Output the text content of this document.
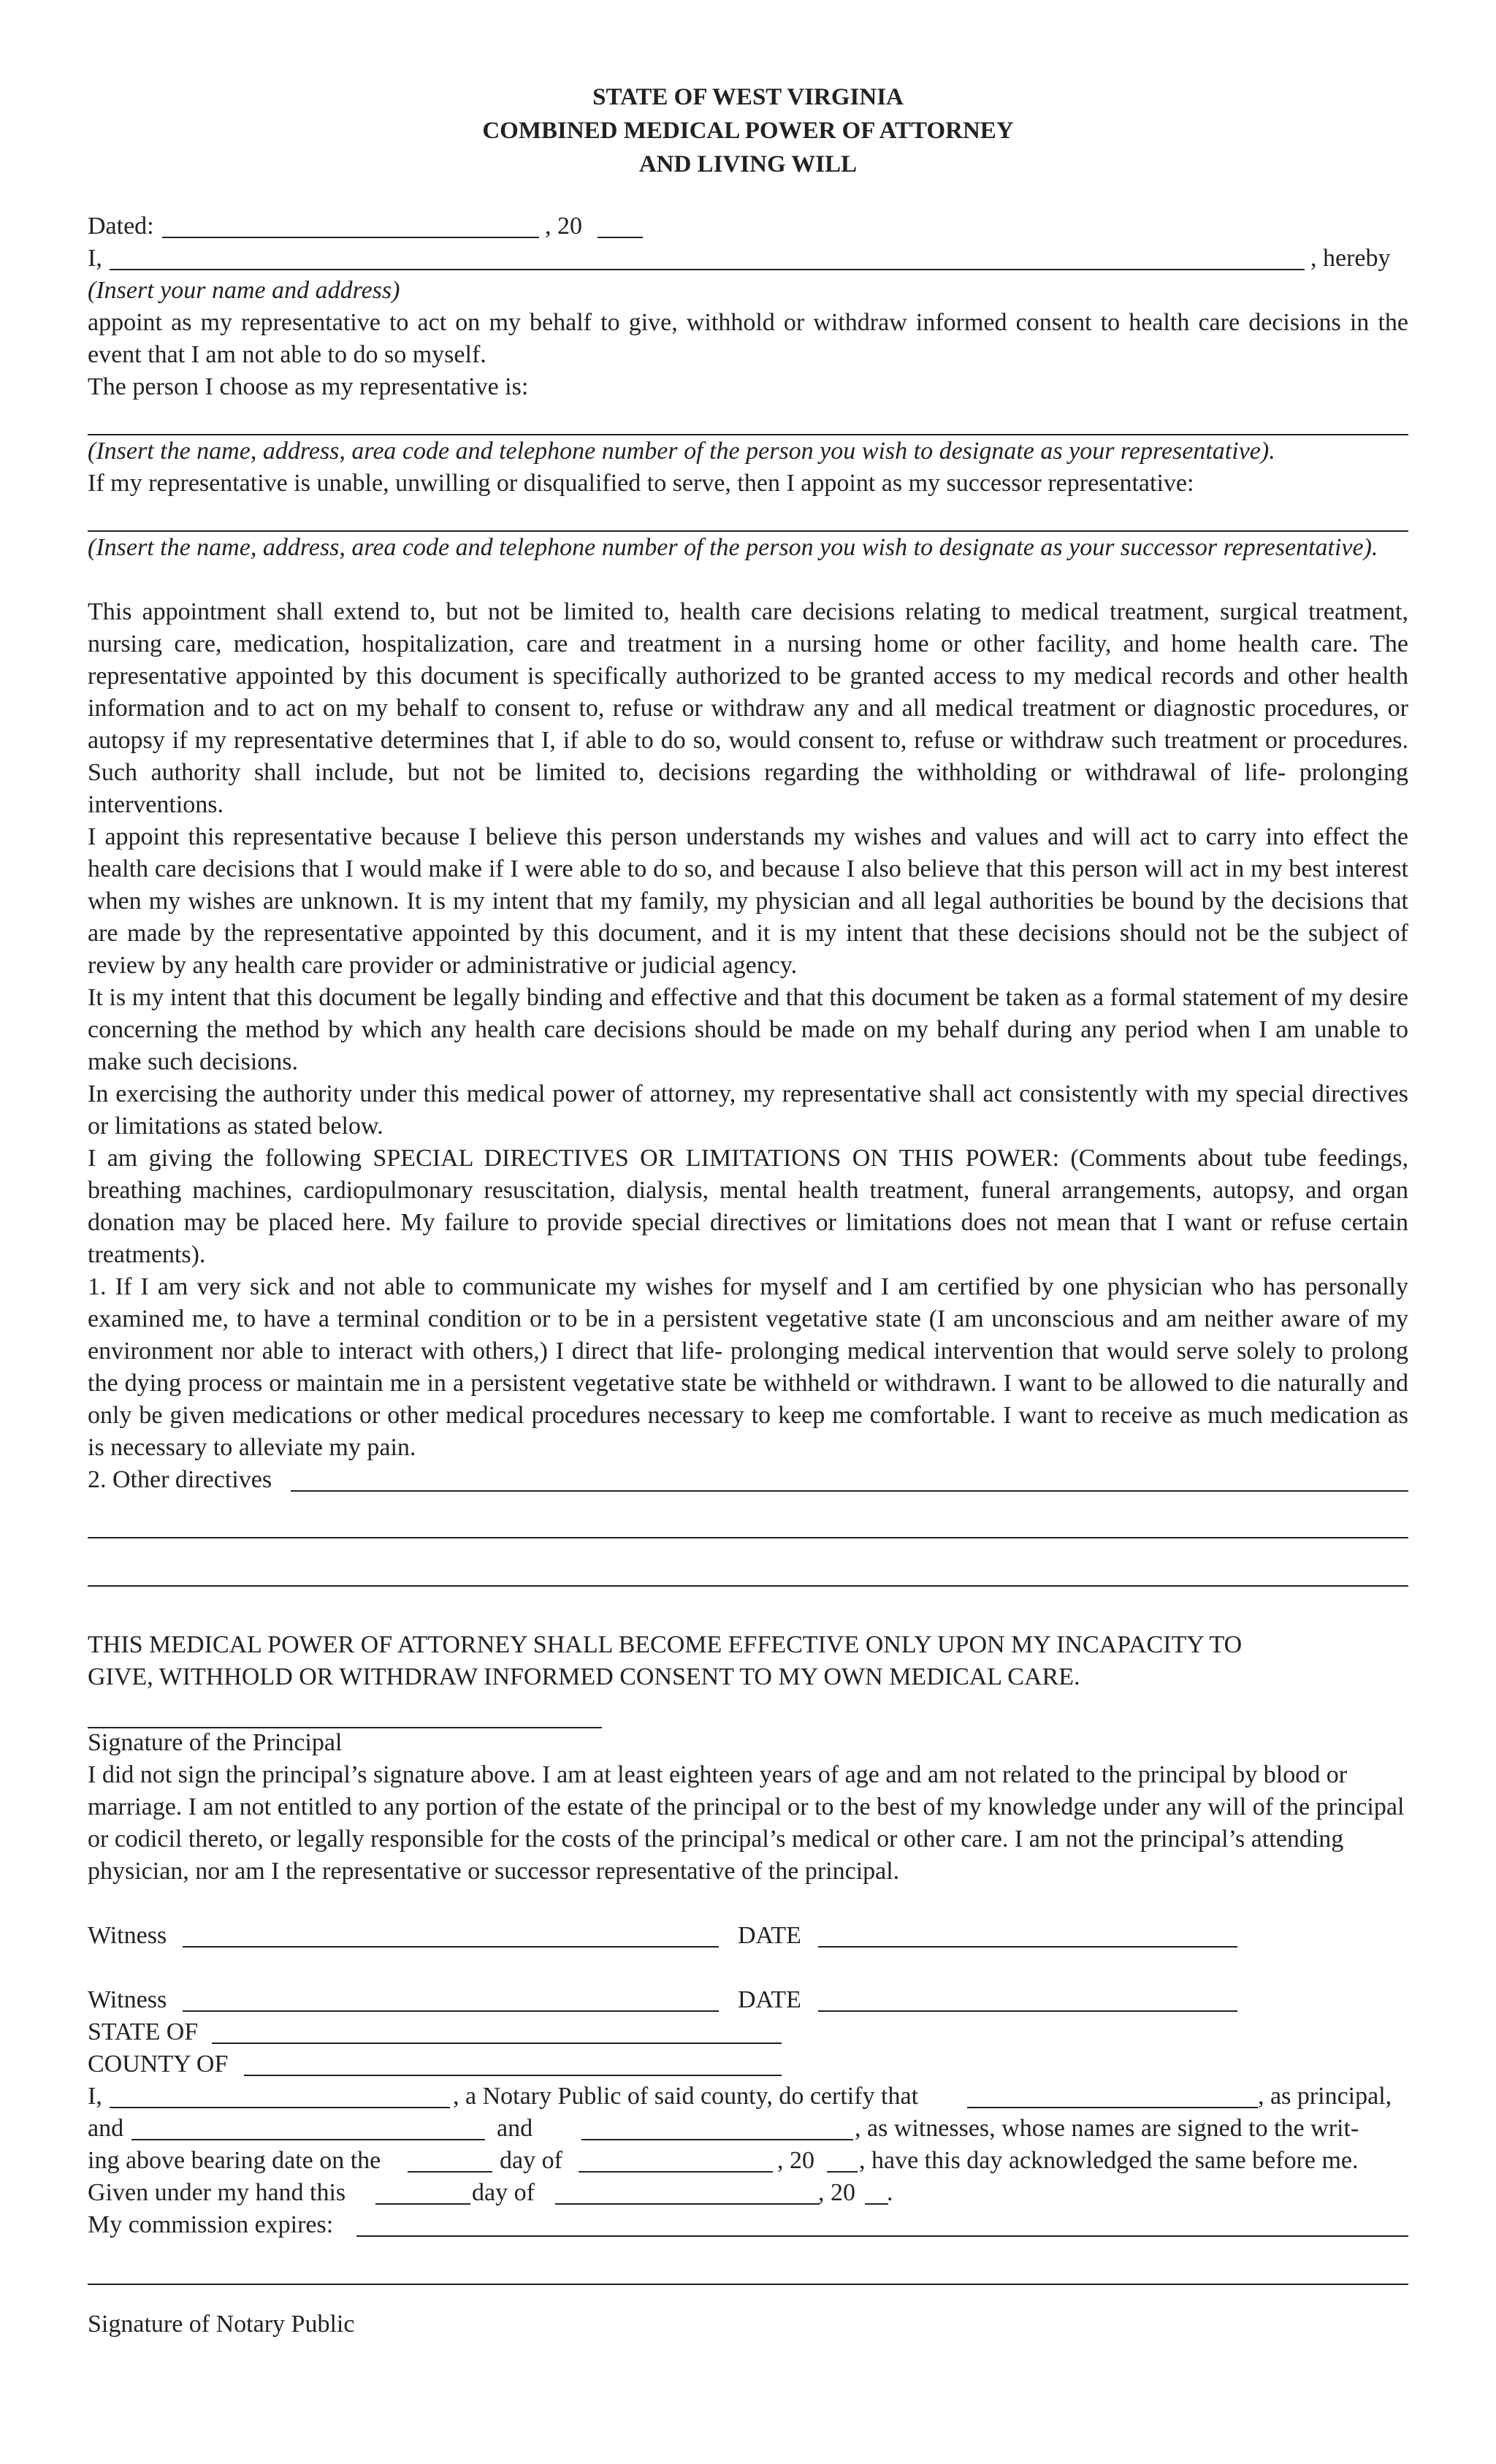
STATE OF WEST VIRGINIA
COMBINED MEDICAL POWER OF ATTORNEY
AND LIVING WILL
Dated:	, 20
I,	, hereby
(Insert your name and address)
appoint as my representative to act on my behalf to give, withhold or withdraw informed consent to health care decisions in the event that I am not able to do so myself.
The person I choose as my representative is:
(Insert the name, address, area code and telephone number of the person you wish to designate as your representative).
If my representative is unable, unwilling or disqualified to serve, then I appoint as my successor representative:
(Insert the name, address, area code and telephone number of the person you wish to designate as your successor representative).
This appointment shall extend to, but not be limited to, health care decisions relating to medical treatment, surgical treatment, nursing care, medication, hospitalization, care and treatment in a nursing home or other facility, and home health care. The representative appointed by this document is specifically authorized to be granted access to my medical records and other health information and to act on my behalf to consent to, refuse or withdraw any and all medical treatment or diagnostic procedures, or autopsy if my representative determines that I, if able to do so, would consent to, refuse or withdraw such treatment or procedures. Such authority shall include, but not be limited to, decisions regarding the withholding or withdrawal of life- prolonging interventions.
I appoint this representative because I believe this person understands my wishes and values and will act to carry into effect the health care decisions that I would make if I were able to do so, and because I also believe that this person will act in my best interest when my wishes are unknown. It is my intent that my family, my physician and all legal authorities be bound by the decisions that are made by the representative appointed by this document, and it is my intent that these decisions should not be the subject of review by any health care provider or administrative or judicial agency.
It is my intent that this document be legally binding and effective and that this document be taken as a formal statement of my desire concerning the method by which any health care decisions should be made on my behalf during any period when I am unable to make such decisions.
In exercising the authority under this medical power of attorney, my representative shall act consistently with my special directives or limitations as stated below.
I am giving the following SPECIAL DIRECTIVES OR LIMITATIONS ON THIS POWER: (Comments about tube feedings, breathing machines, cardiopulmonary resuscitation, dialysis, mental health treatment, funeral arrangements, autopsy, and organ donation may be placed here. My failure to provide special directives or limitations does not mean that I want or refuse certain treatments).
1. If I am very sick and not able to communicate my wishes for myself and I am certified by one physician who has personally examined me, to have a terminal condition or to be in a persistent vegetative state (I am unconscious and am neither aware of my environment nor able to interact with others,) I direct that life- prolonging medical intervention that would serve solely to prolong the dying process or maintain me in a persistent vegetative state be withheld or withdrawn. I want to be allowed to die naturally and only be given medications or other medical procedures necessary to keep me comfortable. I want to receive as much medication as is necessary to alleviate my pain.
2. Other directives
THIS MEDICAL POWER OF ATTORNEY SHALL BECOME EFFECTIVE ONLY UPON MY INCAPACITY TO
GIVE, WITHHOLD OR WITHDRAW INFORMED CONSENT TO MY OWN MEDICAL CARE.
Signature of the Principal
I did not sign the principal’s signature above. I am at least eighteen years of age and am not related to the principal by blood or marriage. I am not entitled to any portion of the estate of the principal or to the best of my knowledge under any will of the principal or codicil thereto, or legally responsible for the costs of the principal’s medical or other care. I am not the principal’s attending physician, nor am I the representative or successor representative of the principal.
Witness	DATE
Witness	DATE
STATE OF
COUNTY OF
I,	, a Notary Public of said county, do certify that	, as principal,
and	and	, as witnesses, whose names are signed to the writ-
ing above bearing date on the	day of	, 20 , have this day acknowledged the same before me.
Given under my hand this	day of	, 20 .
My commission expires:
Signature of Notary Public
